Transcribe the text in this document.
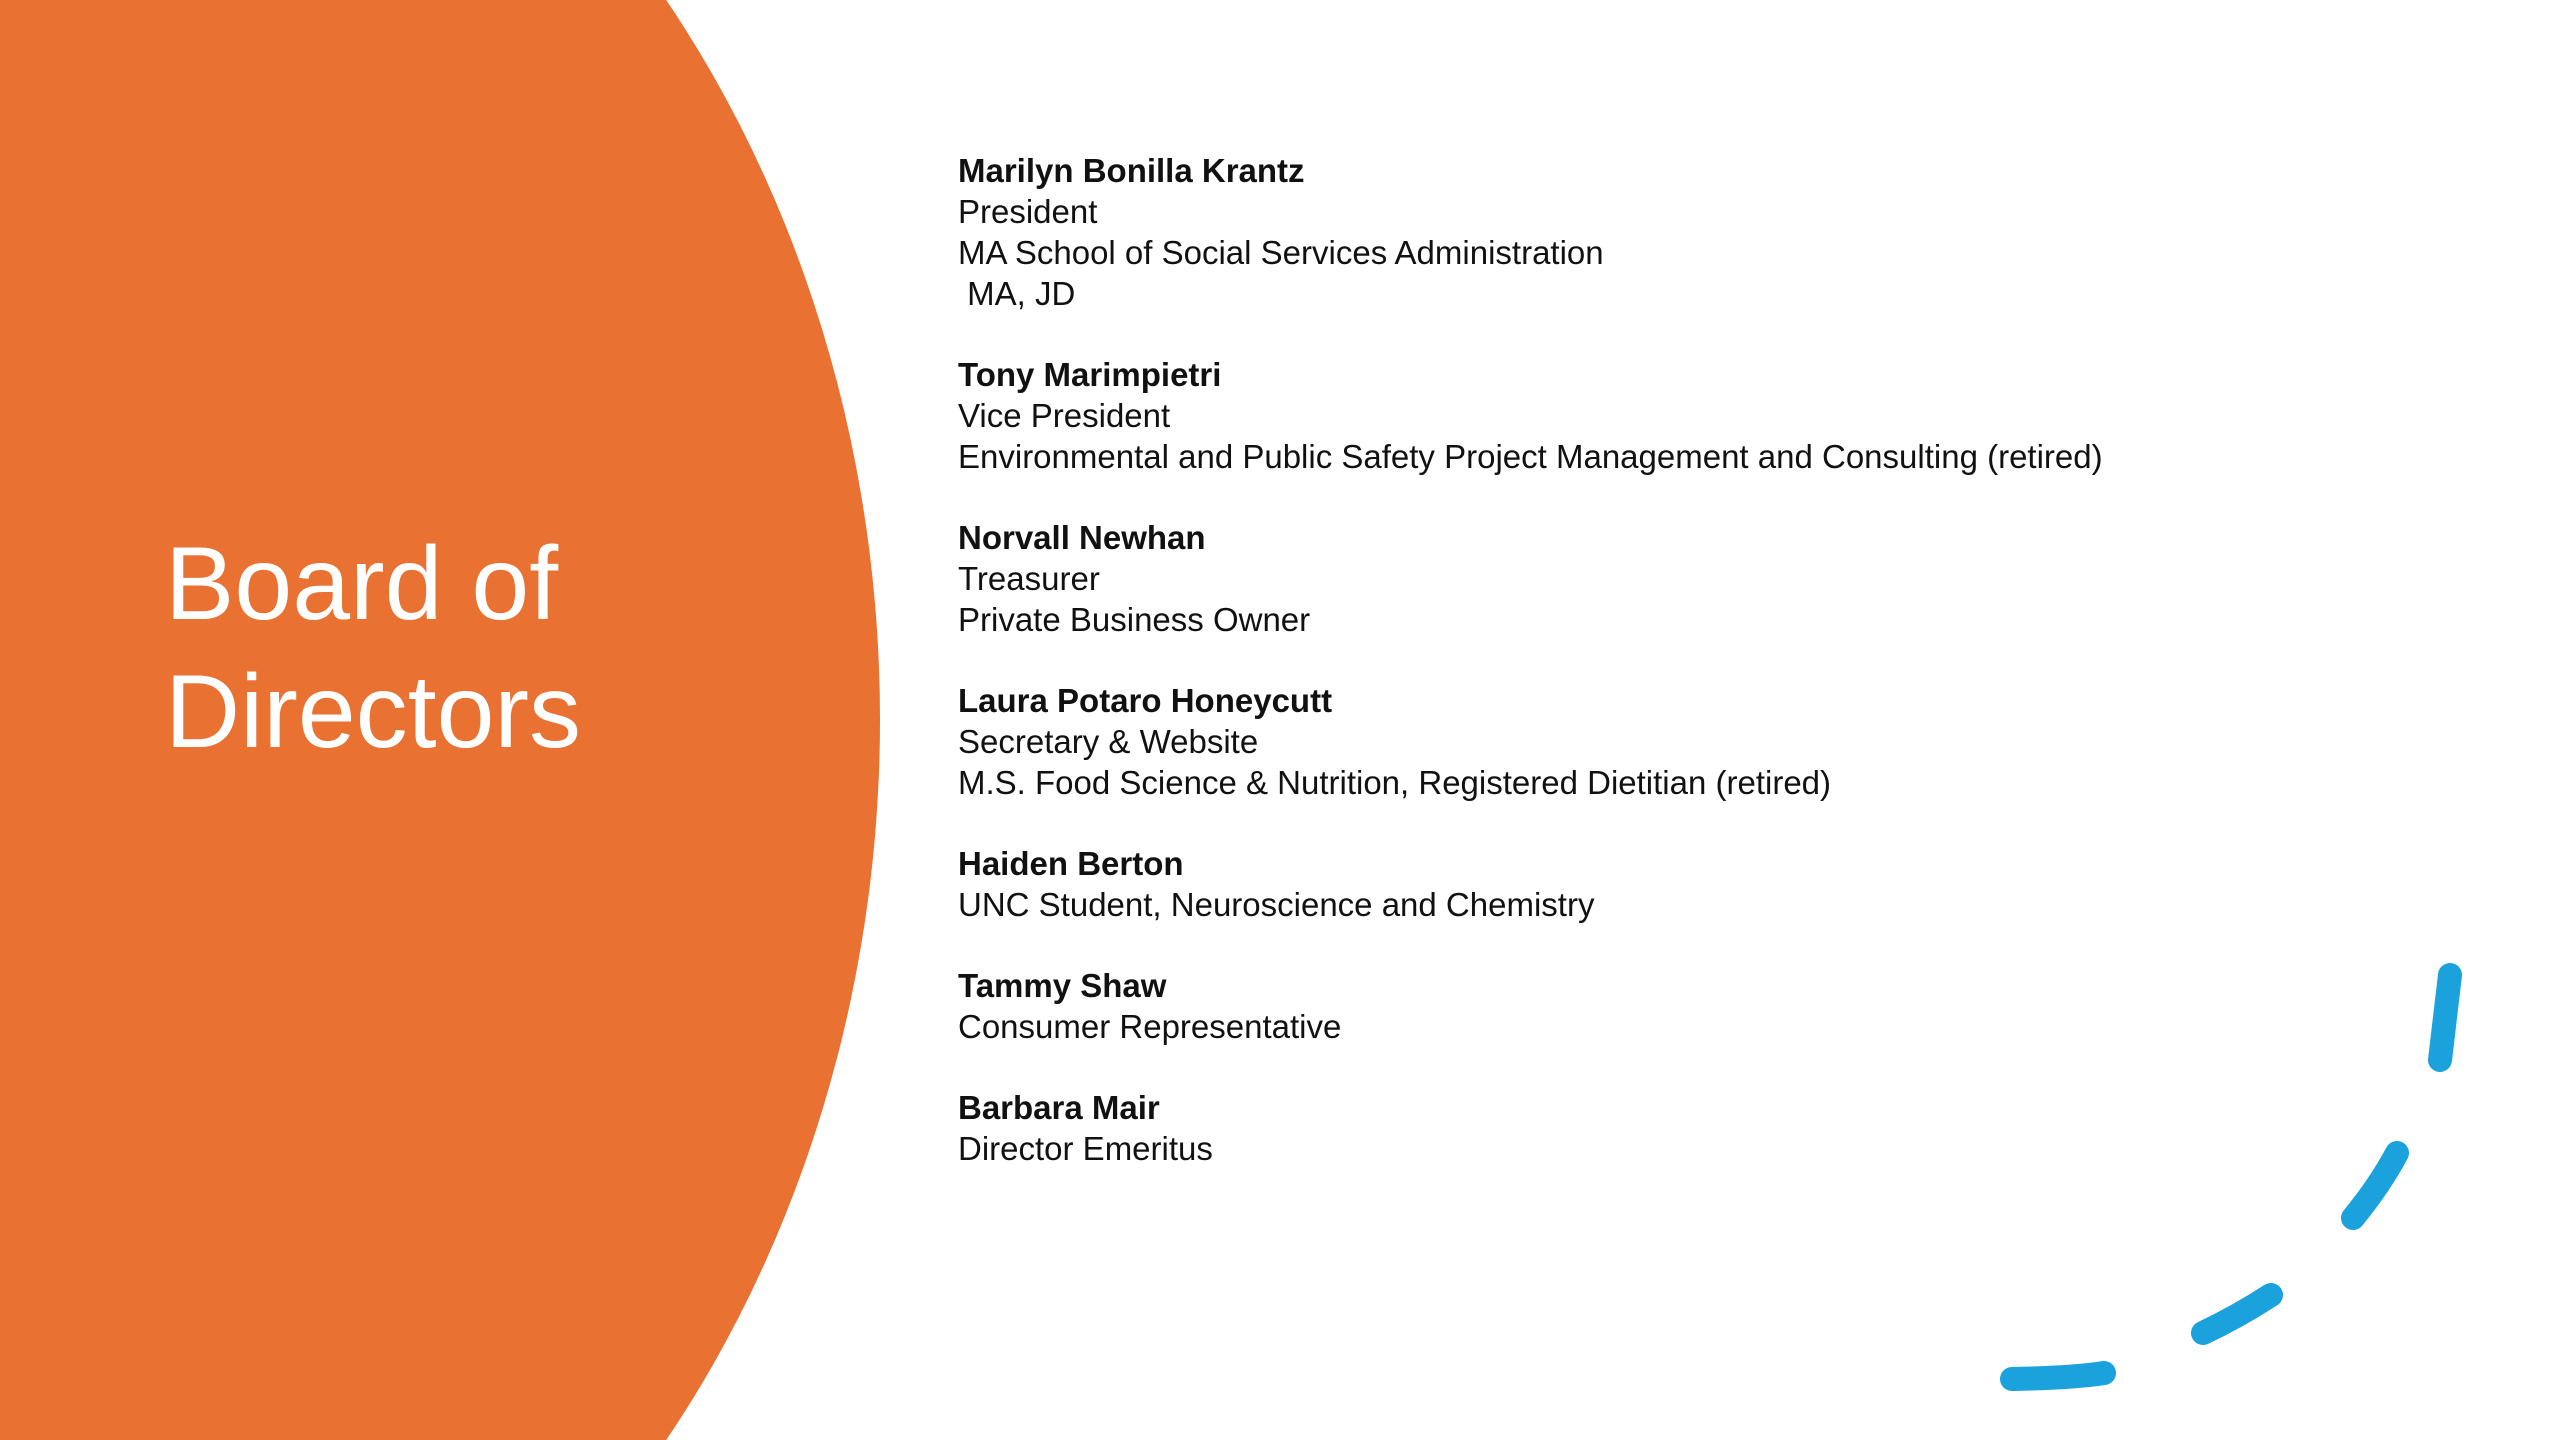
Board of
Directors
Marilyn Bonilla Krantz
President
MA School of Social Services Administration
MA, JD
Tony Marimpietri
Vice President
Environmental and Public Safety Project Management and Consulting (retired)
Norvall Newhan
Treasurer
Private Business Owner
Laura Potaro Honeycutt
Secretary & Website
M.S. Food Science & Nutrition, Registered Dietitian (retired)
Haiden Berton
UNC Student, Neuroscience and Chemistry
Tammy Shaw
Consumer Representative
Barbara Mair
Director Emeritus
